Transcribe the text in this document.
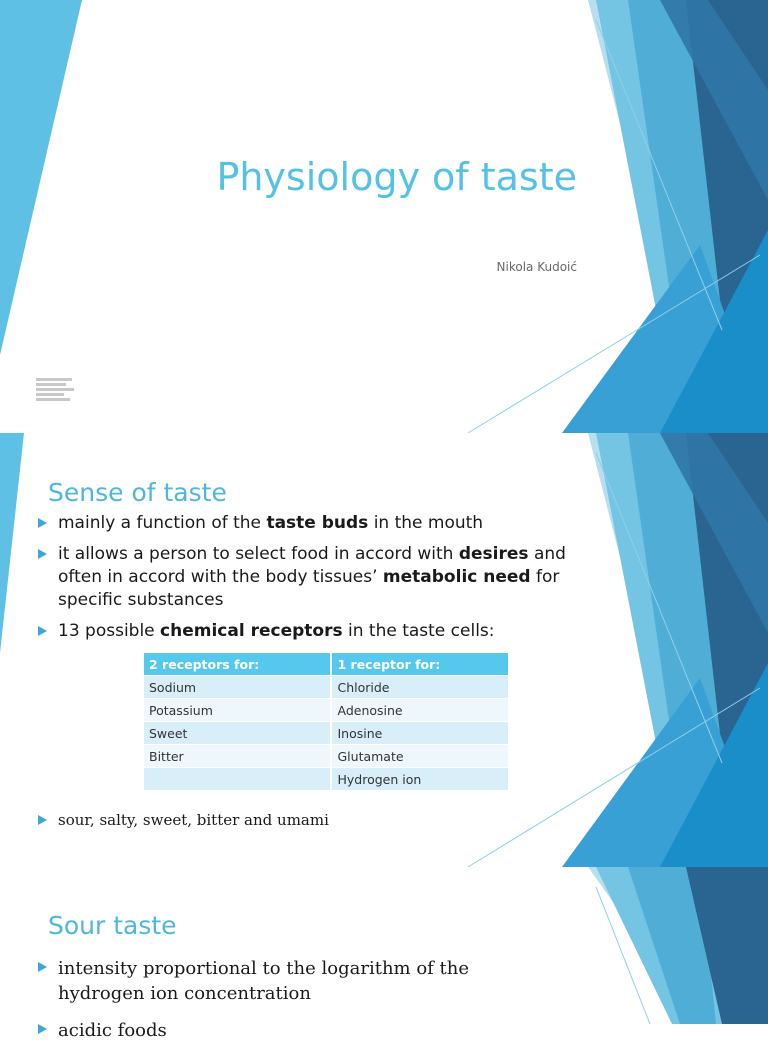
Physiology of taste
Nikola Kudoić
Sense of taste
mainly a function of the taste buds in the mouth
it allows a person to select food in accord with desires and often in accord with the body tissues’ metabolic need for specific substances
13 possible chemical receptors in the taste cells:
2 receptors for:	1 receptor for:
Sodium	Chloride
Potassium	Adenosine
Sweet	Inosine
Bitter	Glutamate
	Hydrogen ion
sour, salty, sweet, bitter and umami
Sour taste
intensity proportional to the logarithm of the hydrogen ion concentration
acidic foods
